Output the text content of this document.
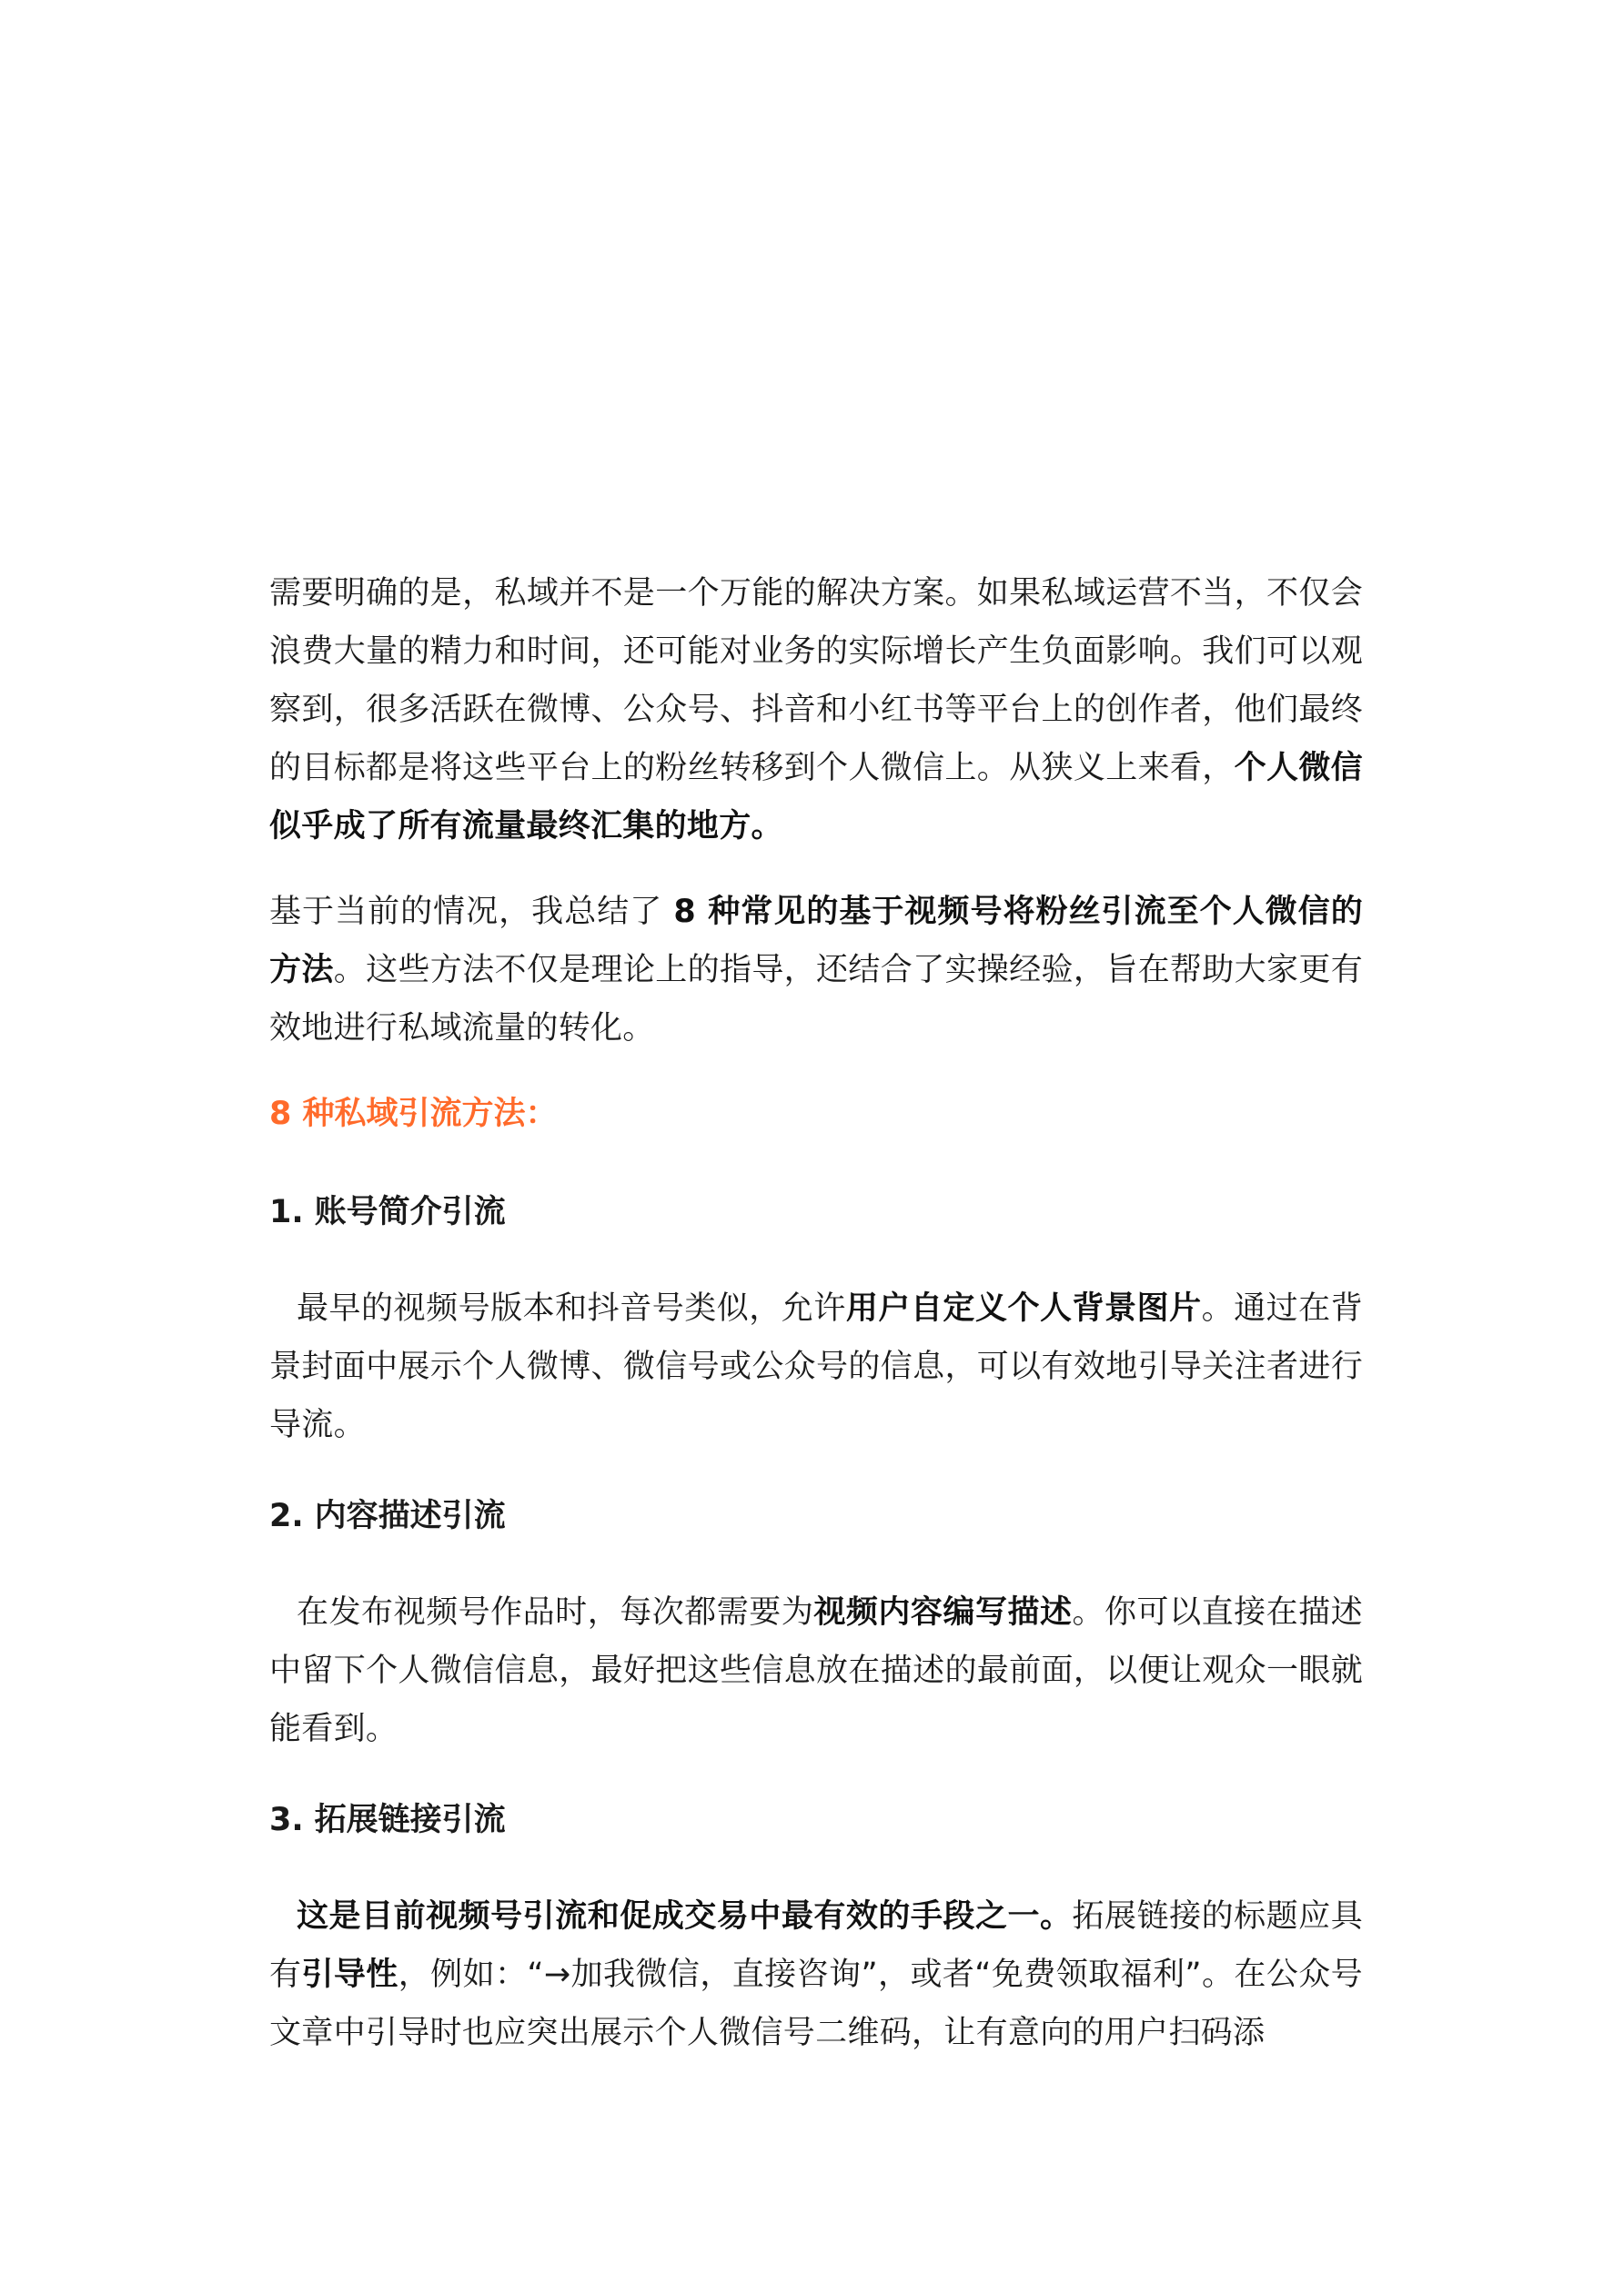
需要明确的是，私域并不是一个万能的解决方案。如果私域运营不当，不仅会浪费大量的精力和时间，还可能对业务的实际增长产生负面影响。我们可以观察到，很多活跃在微博、公众号、抖音和小红书等平台上的创作者，他们最终的目标都是将这些平台上的粉丝转移到个人微信上。从狭义上来看，个人微信似乎成了所有流量最终汇集的地方。

基于当前的情况，我总结了 8 种常见的基于视频号将粉丝引流至个人微信的方法。这些方法不仅是理论上的指导，还结合了实操经验，旨在帮助大家更有效地进行私域流量的转化。

8 种私域引流方法：
1. 账号简介引流

最早的视频号版本和抖音号类似，允许用户自定义个人背景图片。通过在背景封面中展示个人微博、微信号或公众号的信息，可以有效地引导关注者进行导流。

2. 内容描述引流

在发布视频号作品时，每次都需要为视频内容编写描述。你可以直接在描述中留下个人微信信息，最好把这些信息放在描述的最前面，以便让观众一眼就能看到。

3. 拓展链接引流

这是目前视频号引流和促成交易中最有效的手段之一。拓展链接的标题应具有引导性，例如：“→加我微信，直接咨询”，或者“免费领取福利”。在公众号文章中引导时也应突出展示个人微信号二维码，让有意向的用户扫码添
